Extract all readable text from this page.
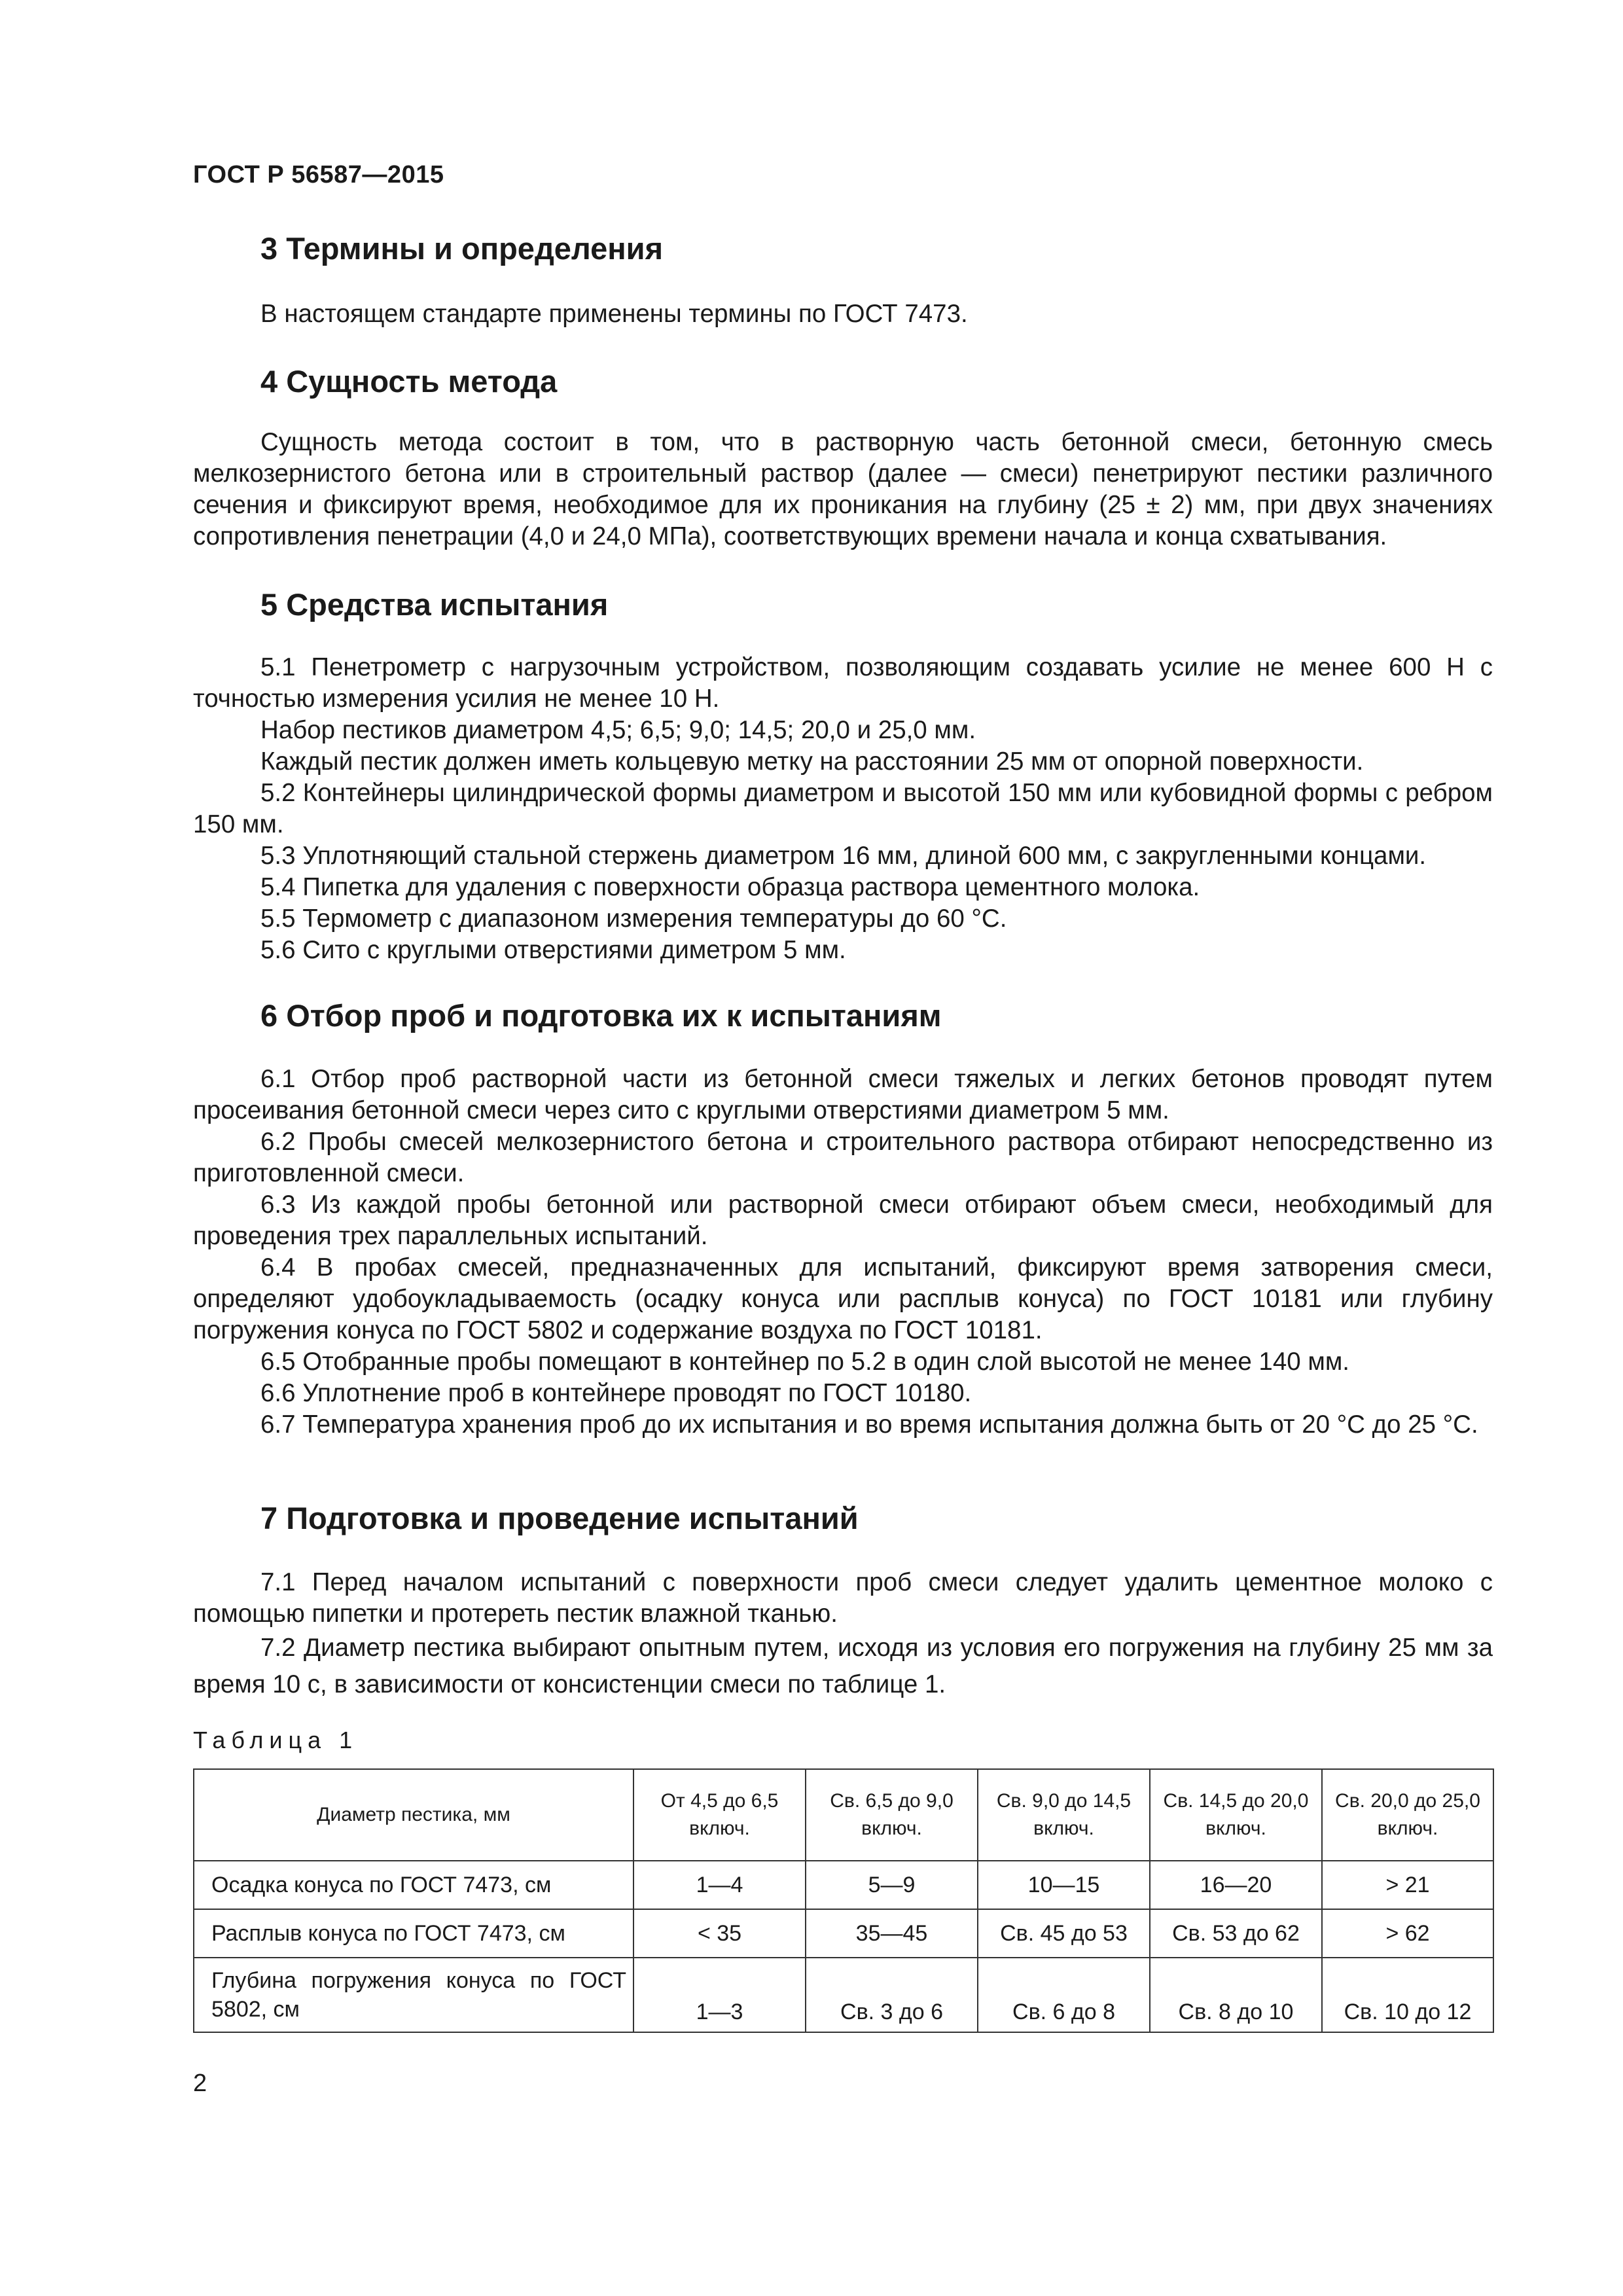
ГОСТ Р 56587—2015
3 Термины и определения
В настоящем стандарте применены термины по ГОСТ 7473.
4 Сущность метода
Сущность метода состоит в том, что в растворную часть бетонной смеси, бетонную смесь мелкозернистого бетона или в строительный раствор (далее — смеси) пенетрируют пестики различного сечения и фиксируют время, необходимое для их проникания на глубину (25 ± 2) мм, при двух значениях сопротивления пенетрации (4,0 и 24,0 МПа), соответствующих времени начала и конца схватывания.
5 Средства испытания
5.1 Пенетрометр с нагрузочным устройством, позволяющим создавать усилие не менее 600 Н с точностью измерения усилия не менее 10 Н.
Набор пестиков диаметром 4,5; 6,5; 9,0; 14,5; 20,0 и 25,0 мм.
Каждый пестик должен иметь кольцевую метку на расстоянии 25 мм от опорной поверхности.
5.2 Контейнеры цилиндрической формы диаметром и высотой 150 мм или кубовидной формы с ребром 150 мм.
5.3 Уплотняющий стальной стержень диаметром 16 мм, длиной 600 мм, с закругленными концами.
5.4 Пипетка для удаления с поверхности образца раствора цементного молока.
5.5 Термометр с диапазоном измерения температуры до 60 °С.
5.6 Сито с круглыми отверстиями диметром 5 мм.
6 Отбор проб и подготовка их к испытаниям
6.1 Отбор проб растворной части из бетонной смеси тяжелых и легких бетонов проводят путем просеивания бетонной смеси через сито с круглыми отверстиями диаметром 5 мм.
6.2 Пробы смесей мелкозернистого бетона и строительного раствора отбирают непосредственно из приготовленной смеси.
6.3 Из каждой пробы бетонной или растворной смеси отбирают объем смеси, необходимый для проведения трех параллельных испытаний.
6.4 В пробах смесей, предназначенных для испытаний, фиксируют время затворения смеси, определяют удобоукладываемость (осадку конуса или расплыв конуса) по ГОСТ 10181 или глубину погружения конуса по ГОСТ 5802 и содержание воздуха по ГОСТ 10181.
6.5 Отобранные пробы помещают в контейнер по 5.2 в один слой высотой не менее 140 мм.
6.6 Уплотнение проб в контейнере проводят по ГОСТ 10180.
6.7 Температура хранения проб до их испытания и во время испытания должна быть от 20 °С до 25 °С.
7 Подготовка и проведение испытаний
7.1 Перед началом испытаний с поверхности проб смеси следует удалить цементное молоко с помощью пипетки и протереть пестик влажной тканью.
7.2 Диаметр пестика выбирают опытным путем, исходя из условия его погружения на глубину 25 мм за время 10 с, в зависимости от консистенции смеси по таблице 1.
Таблица 1
Диаметр пестика, мм	От 4,5 до 6,5 включ.	Св. 6,5 до 9,0 включ.	Св. 9,0 до 14,5 включ.	Св. 14,5 до 20,0 включ.	Св. 20,0 до 25,0 включ.
Осадка конуса по ГОСТ 7473, см	1—4	5—9	10—15	16—20	> 21
Расплыв конуса по ГОСТ 7473, см	< 35	35—45	Св. 45 до 53	Св. 53 до 62	> 62
Глубина погружения конуса по ГОСТ 5802, см	1—3	Св. 3 до 6	Св. 6 до 8	Св. 8 до 10	Св. 10 до 12
2
